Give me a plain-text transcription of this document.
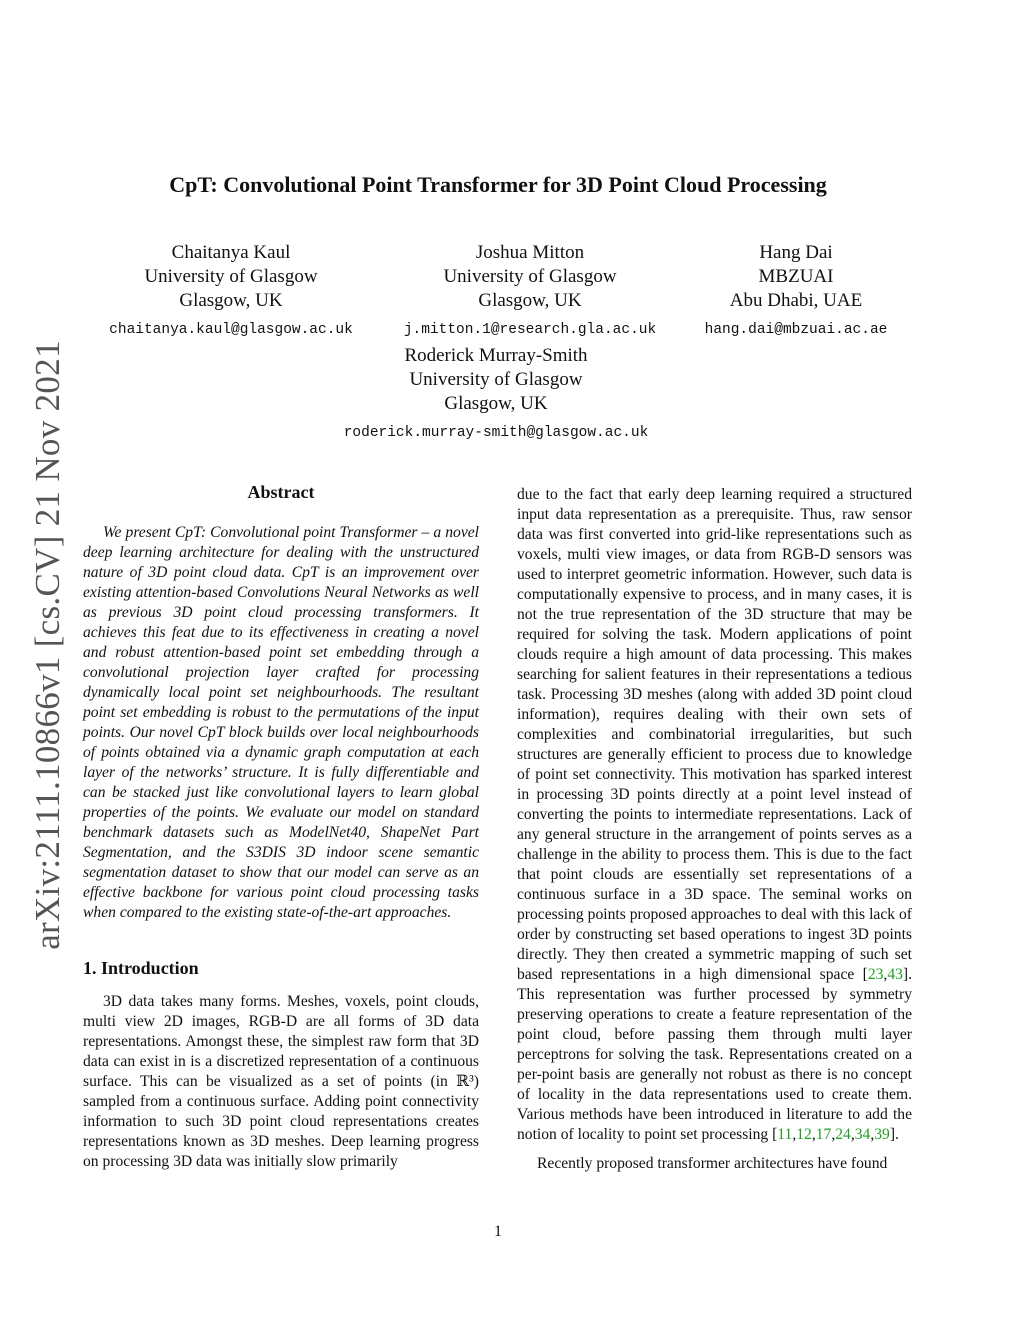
arXiv:2111.10866v1 [cs.CV] 21 Nov 2021
CpT: Convolutional Point Transformer for 3D Point Cloud Processing
Chaitanya Kaul
University of Glasgow
Glasgow, UK
chaitanya.kaul@glasgow.ac.uk
Joshua Mitton
University of Glasgow
Glasgow, UK
j.mitton.1@research.gla.ac.uk
Hang Dai
MBZUAI
Abu Dhabi, UAE
hang.dai@mbzuai.ac.ae
Roderick Murray-Smith
University of Glasgow
Glasgow, UK
roderick.murray-smith@glasgow.ac.uk
Abstract

We present CpT: Convolutional point Transformer – a novel deep learning architecture for dealing with the unstructured nature of 3D point cloud data. CpT is an improvement over existing attention-based Convolutions Neural Networks as well as previous 3D point cloud processing transformers. It achieves this feat due to its effectiveness in creating a novel and robust attention-based point set embedding through a convolutional projection layer crafted for processing dynamically local point set neighbourhoods. The resultant point set embedding is robust to the permutations of the input points. Our novel CpT block builds over local neighbourhoods of points obtained via a dynamic graph computation at each layer of the networks’ structure. It is fully differentiable and can be stacked just like convolutional layers to learn global properties of the points. We evaluate our model on standard benchmark datasets such as ModelNet40, ShapeNet Part Segmentation, and the S3DIS 3D indoor scene semantic segmentation dataset to show that our model can serve as an effective backbone for various point cloud processing tasks when compared to the existing state-of-the-art approaches.

1. Introduction

3D data takes many forms. Meshes, voxels, point clouds, multi view 2D images, RGB-D are all forms of 3D data representations. Amongst these, the simplest raw form that 3D data can exist in is a discretized representation of a continuous surface. This can be visualized as a set of points (in ℝ³) sampled from a continuous surface. Adding point connectivity information to such 3D point cloud representations creates representations known as 3D meshes. Deep learning progress on processing 3D data was initially slow primarily

due to the fact that early deep learning required a structured input data representation as a prerequisite. Thus, raw sensor data was first converted into grid-like representations such as voxels, multi view images, or data from RGB-D sensors was used to interpret geometric information. However, such data is computationally expensive to process, and in many cases, it is not the true representation of the 3D structure that may be required for solving the task. Modern applications of point clouds require a high amount of data processing. This makes searching for salient features in their representations a tedious task. Processing 3D meshes (along with added 3D point cloud information), requires dealing with their own sets of complexities and combinatorial irregularities, but such structures are generally efficient to process due to knowledge of point set connectivity. This motivation has sparked interest in processing 3D points directly at a point level instead of converting the points to intermediate representations. Lack of any general structure in the arrangement of points serves as a challenge in the ability to process them. This is due to the fact that point clouds are essentially set representations of a continuous surface in a 3D space. The seminal works on processing points proposed approaches to deal with this lack of order by constructing set based operations to ingest 3D points directly. They then created a symmetric mapping of such set based representations in a high dimensional space [23,43]. This representation was further processed by symmetry preserving operations to create a feature representation of the point cloud, before passing them through multi layer perceptrons for solving the task. Representations created on a per-point basis are generally not robust as there is no concept of locality in the data representations used to create them. Various methods have been introduced in literature to add the notion of locality to point set processing [11,12,17,24,34,39].

Recently proposed transformer architectures have found

1
